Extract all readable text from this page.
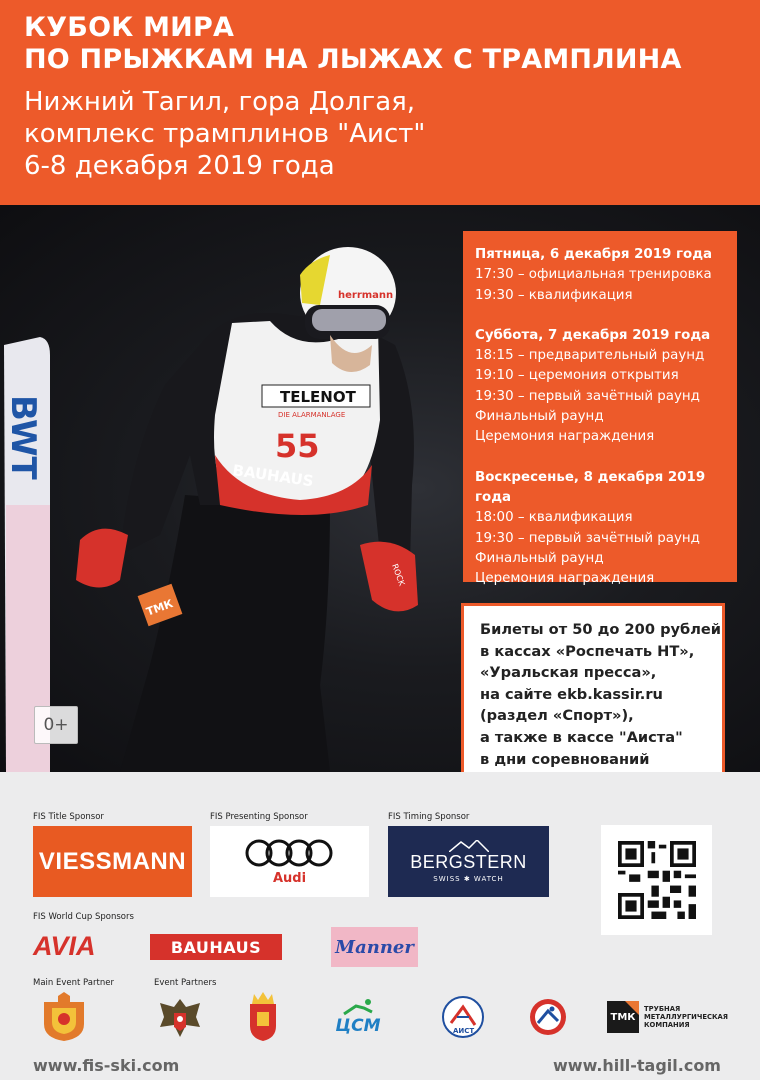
КУБОК МИРА
ПО ПРЫЖКАМ НА ЛЫЖАХ С ТРАМПЛИНА
Нижний Тагил, гора Долгая,
комплекс трамплинов "Аист"
6-8 декабря 2019 года
BWT	TELENOT
DIE ALARMANLAGE
55
BAUHAUS
herrmann
ROCK
ТМК
Пятница, 6 декабря 2019 года
17:30 – официальная тренировка
19:30 – квалификация
Суббота, 7 декабря 2019 года
18:15 – предварительный раунд
19:10 – церемония открытия
19:30 – первый зачётный раунд
Финальный раунд
Церемония награждения
Воскресенье, 8 декабря 2019 года
18:00 – квалификация
19:30 – первый зачётный раунд
Финальный раунд
Церемония награждения
Билеты от 50 до 200 рублей
в кассах «Роспечать НТ»,
«Уральская пресса»,
на сайте ekb.kassir.ru
(раздел «Спорт»),
а также в кассе "Аиста"
в дни соревнований
0+
FIS Title Sponsor	FIS Presenting Sponsor	FIS Timing Sponsor
VIESSMANN
Audi
BERGSTERN
SWISS ✱ WATCH
FIS World Cup Sponsors
AVIA	BAUHAUS	Manner
Main Event Partner	Event Partners
ЦСМ	АИСТ
ТМК
ТРУБНАЯ
МЕТАЛЛУРГИЧЕСКАЯ
КОМПАНИЯ
www.fis-ski.com	www.hill-tagil.com
